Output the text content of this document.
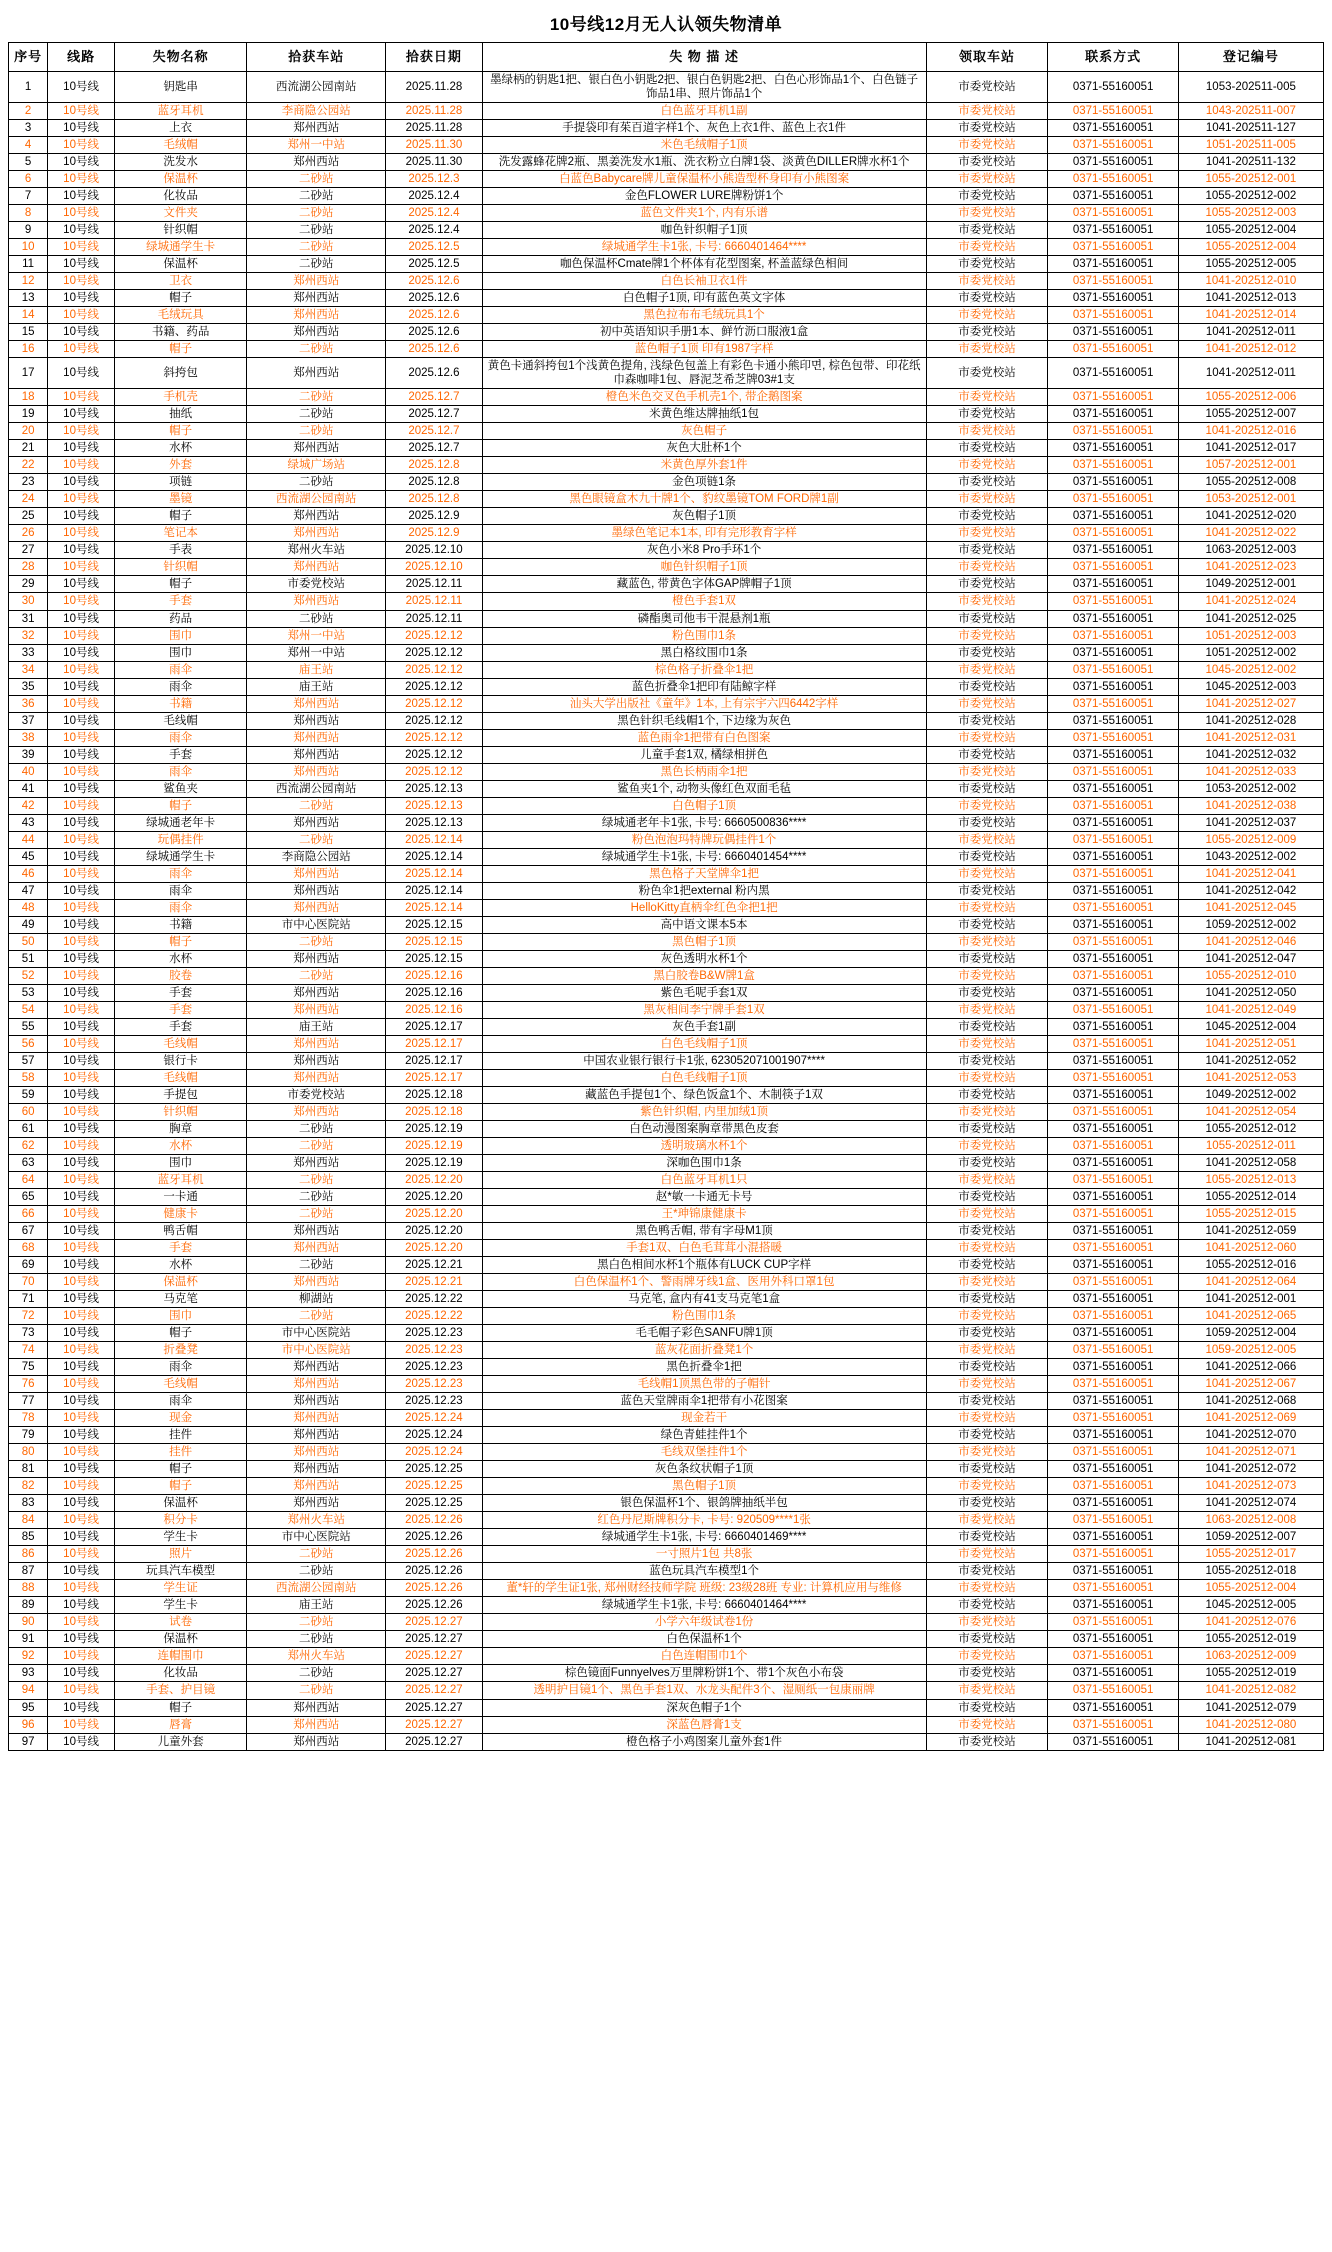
10号线12月无人认领失物清单
序号	线路	失物名称	拾获车站	拾获日期	失 物 描 述	领取车站	联系方式	登记编号
1	10号线	钥匙串	西流湖公园南站	2025.11.28	墨绿柄的钥匙1把、银白色小钥匙2把、银白色钥匙2把、白色心形饰品1个、白色链子饰品1串、照片饰品1个	市委党校站	0371-55160051	1053-202511-005
2	10号线	蓝牙耳机	李商隐公园站	2025.11.28	白色蓝牙耳机1副	市委党校站	0371-55160051	1043-202511-007
3	10号线	上衣	郑州西站	2025.11.28	手提袋印有茱百道字样1个、灰色上衣1件、蓝色上衣1件	市委党校站	0371-55160051	1041-202511-127
4	10号线	毛绒帽	郑州一中站	2025.11.30	米色毛绒帽子1顶	市委党校站	0371-55160051	1051-202511-005
5	10号线	洗发水	郑州西站	2025.11.30	洗发露蜂花牌2瓶、黑姜洗发水1瓶、洗衣粉立白牌1袋、淡黄色DILLER牌水杯1个	市委党校站	0371-55160051	1041-202511-132
6	10号线	保温杯	二砂站	2025.12.3	白蓝色Babycare牌儿童保温杯小熊造型杯身印有小熊图案	市委党校站	0371-55160051	1055-202512-001
7	10号线	化妆品	二砂站	2025.12.4	金色FLOWER LURE牌粉饼1个	市委党校站	0371-55160051	1055-202512-002
8	10号线	文件夹	二砂站	2025.12.4	蓝色文件夹1个, 内有乐谱	市委党校站	0371-55160051	1055-202512-003
9	10号线	针织帽	二砂站	2025.12.4	咖色针织帽子1顶	市委党校站	0371-55160051	1055-202512-004
10	10号线	绿城通学生卡	二砂站	2025.12.5	绿城通学生卡1张, 卡号: 6660401464****	市委党校站	0371-55160051	1055-202512-004
11	10号线	保温杯	二砂站	2025.12.5	咖色保温杯Cmate牌1个杯体有花型图案, 杯盖蓝绿色相间	市委党校站	0371-55160051	1055-202512-005
12	10号线	卫衣	郑州西站	2025.12.6	白色长袖卫衣1件	市委党校站	0371-55160051	1041-202512-010
13	10号线	帽子	郑州西站	2025.12.6	白色帽子1顶, 印有蓝色英文字体	市委党校站	0371-55160051	1041-202512-013
14	10号线	毛绒玩具	郑州西站	2025.12.6	黑色拉布布毛绒玩具1个	市委党校站	0371-55160051	1041-202512-014
15	10号线	书籍、药品	郑州西站	2025.12.6	初中英语知识手册1本、鲜竹沥口服液1盒	市委党校站	0371-55160051	1041-202512-011
16	10号线	帽子	二砂站	2025.12.6	蓝色帽子1顶 印有1987字样	市委党校站	0371-55160051	1041-202512-012
17	10号线	斜挎包	郑州西站	2025.12.6	黄色卡通斜挎包1个浅黄色提角, 浅绿色包盖上有彩色卡通小熊印면, 棕色包带、印花纸巾森咖啡1包、唇泥芝希芝牌03#1支	市委党校站	0371-55160051	1041-202512-011
18	10号线	手机壳	二砂站	2025.12.7	橙色米色交叉色手机壳1个, 带企鹅图案	市委党校站	0371-55160051	1055-202512-006
19	10号线	抽纸	二砂站	2025.12.7	米黄色维达牌抽纸1包	市委党校站	0371-55160051	1055-202512-007
20	10号线	帽子	二砂站	2025.12.7	灰色帽子	市委党校站	0371-55160051	1041-202512-016
21	10号线	水杯	郑州西站	2025.12.7	灰色大肚杯1个	市委党校站	0371-55160051	1041-202512-017
22	10号线	外套	绿城广场站	2025.12.8	米黄色厚外套1件	市委党校站	0371-55160051	1057-202512-001
23	10号线	项链	二砂站	2025.12.8	金色项链1条	市委党校站	0371-55160051	1055-202512-008
24	10号线	墨镜	西流湖公园南站	2025.12.8	黑色眼镜盒木九十牌1个、豹纹墨镜TOM FORD牌1副	市委党校站	0371-55160051	1053-202512-001
25	10号线	帽子	郑州西站	2025.12.9	灰色帽子1顶	市委党校站	0371-55160051	1041-202512-020
26	10号线	笔记本	郑州西站	2025.12.9	墨绿色笔记本1本, 印有完形教育字样	市委党校站	0371-55160051	1041-202512-022
27	10号线	手表	郑州火车站	2025.12.10	灰色小米8 Pro手环1个	市委党校站	0371-55160051	1063-202512-003
28	10号线	针织帽	郑州西站	2025.12.10	咖色针织帽子1顶	市委党校站	0371-55160051	1041-202512-023
29	10号线	帽子	市委党校站	2025.12.11	藏蓝色, 带黄色字体GAP牌帽子1顶	市委党校站	0371-55160051	1049-202512-001
30	10号线	手套	郑州西站	2025.12.11	橙色手套1双	市委党校站	0371-55160051	1041-202512-024
31	10号线	药品	二砂站	2025.12.11	磷酯奥司他韦干混悬剂1瓶	市委党校站	0371-55160051	1041-202512-025
32	10号线	围巾	郑州一中站	2025.12.12	粉色围巾1条	市委党校站	0371-55160051	1051-202512-003
33	10号线	围巾	郑州一中站	2025.12.12	黑白格纹围巾1条	市委党校站	0371-55160051	1051-202512-002
34	10号线	雨伞	庙王站	2025.12.12	棕色格子折叠伞1把	市委党校站	0371-55160051	1045-202512-002
35	10号线	雨伞	庙王站	2025.12.12	蓝色折叠伞1把印有陆鲸字样	市委党校站	0371-55160051	1045-202512-003
36	10号线	书籍	郑州西站	2025.12.12	汕头大学出版社《童年》1本, 上有宗宇六四6442字样	市委党校站	0371-55160051	1041-202512-027
37	10号线	毛线帽	郑州西站	2025.12.12	黑色针织毛线帽1个, 下边缘为灰色	市委党校站	0371-55160051	1041-202512-028
38	10号线	雨伞	郑州西站	2025.12.12	蓝色雨伞1把带有白色图案	市委党校站	0371-55160051	1041-202512-031
39	10号线	手套	郑州西站	2025.12.12	儿童手套1双, 橘绿相拼色	市委党校站	0371-55160051	1041-202512-032
40	10号线	雨伞	郑州西站	2025.12.12	黑色长柄雨伞1把	市委党校站	0371-55160051	1041-202512-033
41	10号线	鲨鱼夹	西流湖公园南站	2025.12.13	鲨鱼夹1个, 动物头像红色双面毛毡	市委党校站	0371-55160051	1053-202512-002
42	10号线	帽子	二砂站	2025.12.13	白色帽子1顶	市委党校站	0371-55160051	1041-202512-038
43	10号线	绿城通老年卡	郑州西站	2025.12.13	绿城通老年卡1张, 卡号: 6660500836****	市委党校站	0371-55160051	1041-202512-037
44	10号线	玩偶挂件	二砂站	2025.12.14	粉色泡泡玛特牌玩偶挂件1个	市委党校站	0371-55160051	1055-202512-009
45	10号线	绿城通学生卡	李商隐公园站	2025.12.14	绿城通学生卡1张, 卡号: 6660401454****	市委党校站	0371-55160051	1043-202512-002
46	10号线	雨伞	郑州西站	2025.12.14	黑色格子天堂牌伞1把	市委党校站	0371-55160051	1041-202512-041
47	10号线	雨伞	郑州西站	2025.12.14	粉色伞1把external 粉内黑	市委党校站	0371-55160051	1041-202512-042
48	10号线	雨伞	郑州西站	2025.12.14	HelloKitty直柄伞红色伞把1把	市委党校站	0371-55160051	1041-202512-045
49	10号线	书籍	市中心医院站	2025.12.15	高中语文课本5本	市委党校站	0371-55160051	1059-202512-002
50	10号线	帽子	二砂站	2025.12.15	黑色帽子1顶	市委党校站	0371-55160051	1041-202512-046
51	10号线	水杯	郑州西站	2025.12.15	灰色透明水杯1个	市委党校站	0371-55160051	1041-202512-047
52	10号线	胶卷	二砂站	2025.12.16	黑白胶卷B&W牌1盒	市委党校站	0371-55160051	1055-202512-010
53	10号线	手套	郑州西站	2025.12.16	紫色毛呢手套1双	市委党校站	0371-55160051	1041-202512-050
54	10号线	手套	郑州西站	2025.12.16	黑灰相间李宁牌手套1双	市委党校站	0371-55160051	1041-202512-049
55	10号线	手套	庙王站	2025.12.17	灰色手套1副	市委党校站	0371-55160051	1045-202512-004
56	10号线	毛线帽	郑州西站	2025.12.17	白色毛线帽子1顶	市委党校站	0371-55160051	1041-202512-051
57	10号线	银行卡	郑州西站	2025.12.17	中国农业银行银行卡1张, 623052071001907****	市委党校站	0371-55160051	1041-202512-052
58	10号线	毛线帽	郑州西站	2025.12.17	白色毛线帽子1顶	市委党校站	0371-55160051	1041-202512-053
59	10号线	手提包	市委党校站	2025.12.18	藏蓝色手提包1个、绿色饭盒1个、木制筷子1双	市委党校站	0371-55160051	1049-202512-002
60	10号线	针织帽	郑州西站	2025.12.18	紫色针织帽, 内里加绒1顶	市委党校站	0371-55160051	1041-202512-054
61	10号线	胸章	二砂站	2025.12.19	白色动漫图案胸章带黑色皮套	市委党校站	0371-55160051	1055-202512-012
62	10号线	水杯	二砂站	2025.12.19	透明玻璃水杯1个	市委党校站	0371-55160051	1055-202512-011
63	10号线	围巾	郑州西站	2025.12.19	深咖色围巾1条	市委党校站	0371-55160051	1041-202512-058
64	10号线	蓝牙耳机	二砂站	2025.12.20	白色蓝牙耳机1只	市委党校站	0371-55160051	1055-202512-013
65	10号线	一卡通	二砂站	2025.12.20	赵*敏一卡通无卡号	市委党校站	0371-55160051	1055-202512-014
66	10号线	健康卡	二砂站	2025.12.20	王*珅锦康健康卡	市委党校站	0371-55160051	1055-202512-015
67	10号线	鸭舌帽	郑州西站	2025.12.20	黑色鸭舌帽, 带有字母M1顶	市委党校站	0371-55160051	1041-202512-059
68	10号线	手套	郑州西站	2025.12.20	手套1双、白色毛茸茸小混搭暖	市委党校站	0371-55160051	1041-202512-060
69	10号线	水杯	二砂站	2025.12.21	黑白色相间水杯1个瓶体有LUCK CUP字样	市委党校站	0371-55160051	1055-202512-016
70	10号线	保温杯	郑州西站	2025.12.21	白色保温杯1个、警雨牌牙线1盒、医用外科口罩1包	市委党校站	0371-55160051	1041-202512-064
71	10号线	马克笔	柳湖站	2025.12.22	马克笔, 盒内有41支马克笔1盒	市委党校站	0371-55160051	1041-202512-001
72	10号线	围巾	二砂站	2025.12.22	粉色围巾1条	市委党校站	0371-55160051	1041-202512-065
73	10号线	帽子	市中心医院站	2025.12.23	毛毛帽子彩色SANFU牌1顶	市委党校站	0371-55160051	1059-202512-004
74	10号线	折叠凳	市中心医院站	2025.12.23	蓝灰花面折叠凳1个	市委党校站	0371-55160051	1059-202512-005
75	10号线	雨伞	郑州西站	2025.12.23	黑色折叠伞1把	市委党校站	0371-55160051	1041-202512-066
76	10号线	毛线帽	郑州西站	2025.12.23	毛线帽1顶黑色带的子帽针	市委党校站	0371-55160051	1041-202512-067
77	10号线	雨伞	郑州西站	2025.12.23	蓝色天堂牌雨伞1把带有小花图案	市委党校站	0371-55160051	1041-202512-068
78	10号线	现金	郑州西站	2025.12.24	现金若干	市委党校站	0371-55160051	1041-202512-069
79	10号线	挂件	郑州西站	2025.12.24	绿色青蛙挂件1个	市委党校站	0371-55160051	1041-202512-070
80	10号线	挂件	郑州西站	2025.12.24	毛线双堡挂件1个	市委党校站	0371-55160051	1041-202512-071
81	10号线	帽子	郑州西站	2025.12.25	灰色条纹状帽子1顶	市委党校站	0371-55160051	1041-202512-072
82	10号线	帽子	郑州西站	2025.12.25	黑色帽子1顶	市委党校站	0371-55160051	1041-202512-073
83	10号线	保温杯	郑州西站	2025.12.25	银色保温杯1个、银鸽牌抽纸半包	市委党校站	0371-55160051	1041-202512-074
84	10号线	积分卡	郑州火车站	2025.12.26	红色丹尼斯牌积分卡, 卡号: 920509****1张	市委党校站	0371-55160051	1063-202512-008
85	10号线	学生卡	市中心医院站	2025.12.26	绿城通学生卡1张, 卡号: 6660401469****	市委党校站	0371-55160051	1059-202512-007
86	10号线	照片	二砂站	2025.12.26	一寸照片1包 共8张	市委党校站	0371-55160051	1055-202512-017
87	10号线	玩具汽车模型	二砂站	2025.12.26	蓝色玩具汽车模型1个	市委党校站	0371-55160051	1055-202512-018
88	10号线	学生证	西流湖公园南站	2025.12.26	董*轩的学生证1张, 郑州财经技师学院 班级: 23级28班 专业: 计算机应用与维修	市委党校站	0371-55160051	1055-202512-004
89	10号线	学生卡	庙王站	2025.12.26	绿城通学生卡1张, 卡号: 6660401464****	市委党校站	0371-55160051	1045-202512-005
90	10号线	试卷	二砂站	2025.12.27	小学六年级试卷1份	市委党校站	0371-55160051	1041-202512-076
91	10号线	保温杯	二砂站	2025.12.27	白色保温杯1个	市委党校站	0371-55160051	1055-202512-019
92	10号线	连帽围巾	郑州火车站	2025.12.27	白色连帽围巾1个	市委党校站	0371-55160051	1063-202512-009
93	10号线	化妆品	二砂站	2025.12.27	棕色镜面Funnyelves万里牌粉饼1个、带1个灰色小布袋	市委党校站	0371-55160051	1055-202512-019
94	10号线	手套、护目镜	二砂站	2025.12.27	透明护目镜1个、黑色手套1双、水龙头配件3个、湿厕纸一包康丽牌	市委党校站	0371-55160051	1041-202512-082
95	10号线	帽子	郑州西站	2025.12.27	深灰色帽子1个	市委党校站	0371-55160051	1041-202512-079
96	10号线	唇膏	郑州西站	2025.12.27	深蓝色唇膏1支	市委党校站	0371-55160051	1041-202512-080
97	10号线	儿童外套	郑州西站	2025.12.27	橙色格子小鸡图案儿童外套1件	市委党校站	0371-55160051	1041-202512-081
